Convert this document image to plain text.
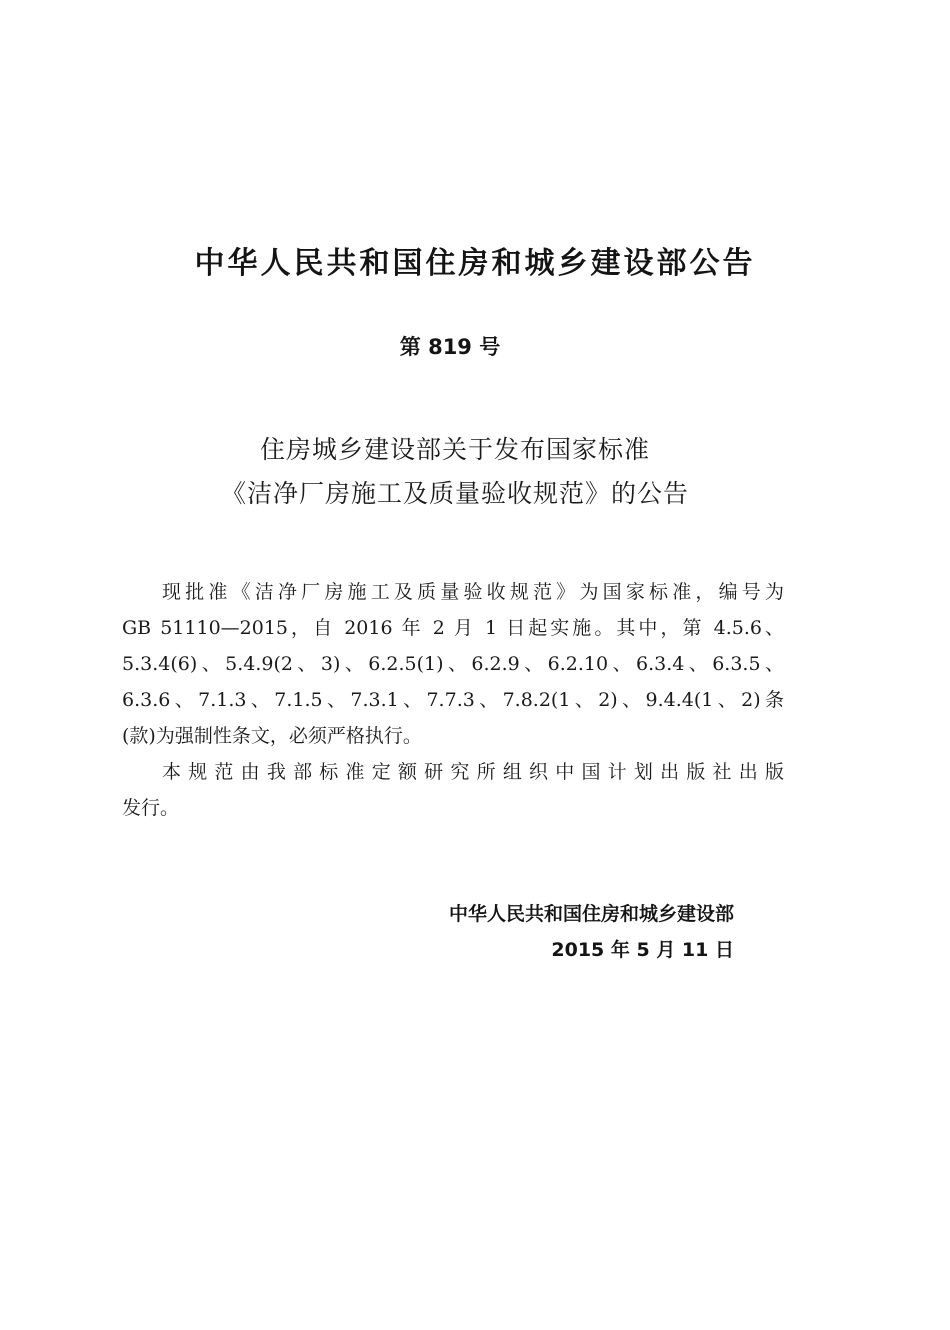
中华人民共和国住房和城乡建设部公告
第 819 号
住房城乡建设部关于发布国家标准
《洁净厂房施工及质量验收规范》的公告
现批准《洁净厂房施工及质量验收规范》为国家标准，编号为
GB 51110—2015，自 2016 年 2 月 1 日起实施。其中，第 4.5.6、
5.3.4(6)、5.4.9(2、3)、6.2.5(1)、6.2.9、6.2.10、6.3.4、6.3.5、
6.3.6、7.1.3、7.1.5、7.3.1、7.7.3、7.8.2(1、2)、9.4.4(1、2)条
(款)为强制性条文，必须严格执行。
本规范由我部标准定额研究所组织中国计划出版社出版
发行。
中华人民共和国住房和城乡建设部
2015 年 5 月 11 日
